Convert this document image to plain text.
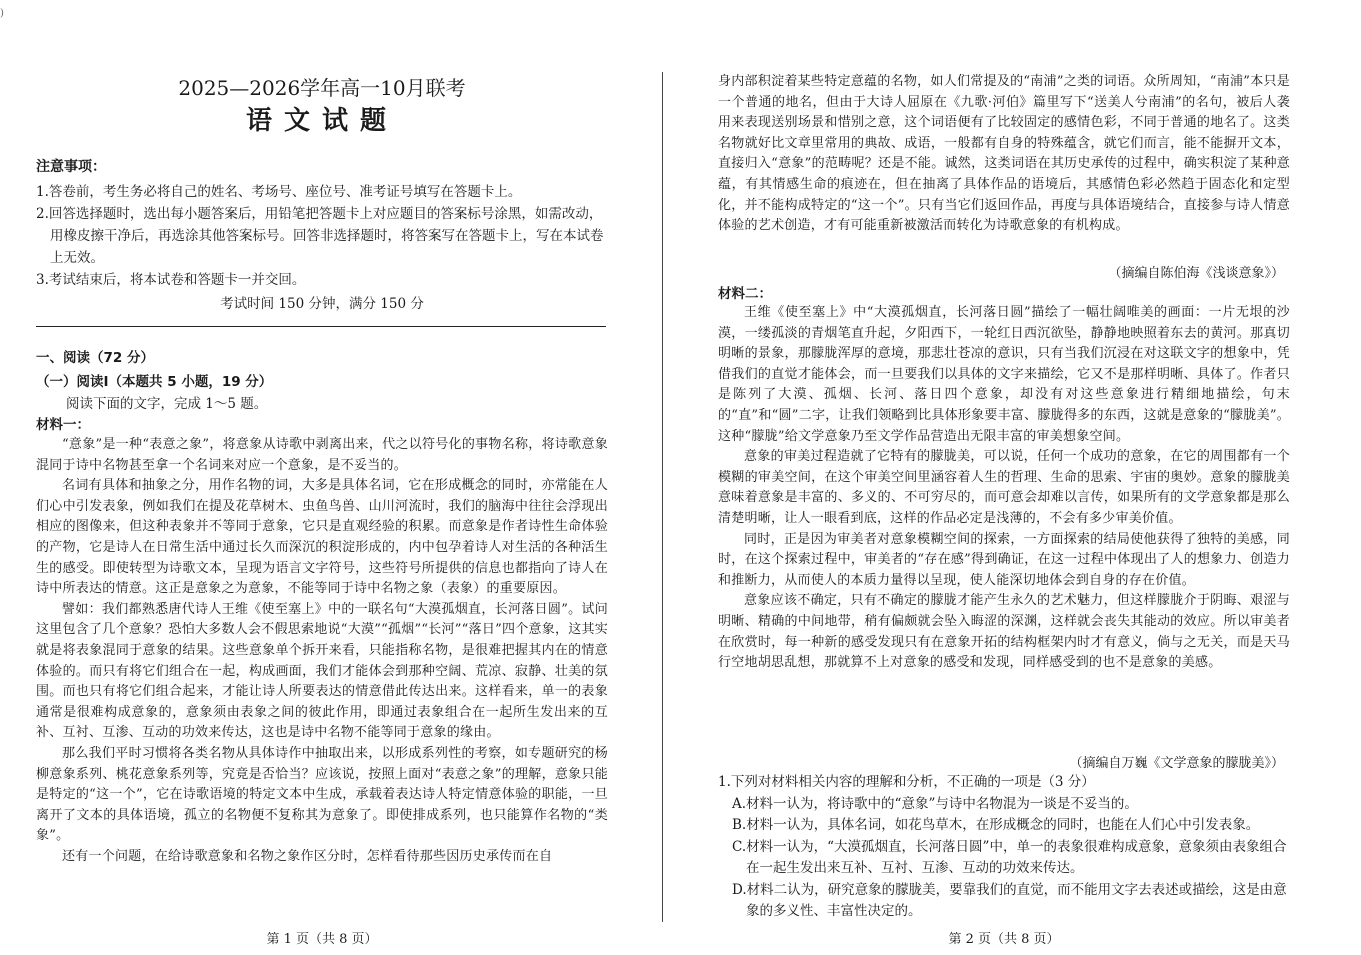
)
2025—2026学年高一10月联考
语文试题
注意事项：
1.答卷前，考生务必将自己的姓名、考场号、座位号、准考证号填写在答题卡上。
2.回答选择题时，选出每小题答案后，用铅笔把答题卡上对应题目的答案标号涂黑，如需改动，用橡皮擦干净后，再选涂其他答案标号。回答非选择题时，将答案写在答题卡上，写在本试卷上无效。
3.考试结束后，将本试卷和答题卡一并交回。
考试时间 150 分钟，满分 150 分
一、阅读（72 分）
（一）阅读Ⅰ（本题共 5 小题，19 分）
阅读下面的文字，完成 1～5 题。
材料一：

“意象”是一种“表意之象”，将意象从诗歌中剥离出来，代之以符号化的事物名称，将诗歌意象混同于诗中名物甚至拿一个名词来对应一个意象，是不妥当的。

名词有具体和抽象之分，用作名物的词，大多是具体名词，它在形成概念的同时，亦常能在人们心中引发表象，例如我们在提及花草树木、虫鱼鸟兽、山川河流时，我们的脑海中往往会浮现出相应的图像来，但这种表象并不等同于意象，它只是直观经验的积累。而意象是作者诗性生命体验的产物，它是诗人在日常生活中通过长久而深沉的积淀形成的，内中包孕着诗人对生活的各种活生生的感受。即使转型为诗歌文本，呈现为语言文字符号，这些符号所提供的信息也都指向了诗人在诗中所表达的情意。这正是意象之为意象，不能等同于诗中名物之象（表象）的重要原因。

譬如：我们都熟悉唐代诗人王维《使至塞上》中的一联名句“大漠孤烟直，长河落日圆”。试问这里包含了几个意象？恐怕大多数人会不假思索地说“大漠”“孤烟”“长河”“落日”四个意象，这其实就是将表象混同于意象的结果。这些意象单个拆开来看，只能指称名物，是很难把握其内在的情意体验的。而只有将它们组合在一起，构成画面，我们才能体会到那种空阔、荒凉、寂静、壮美的氛围。而也只有将它们组合起来，才能让诗人所要表达的情意借此传达出来。这样看来，单一的表象通常是很难构成意象的，意象须由表象之间的彼此作用，即通过表象组合在一起所生发出来的互补、互衬、互渗、互动的功效来传达，这也是诗中名物不能等同于意象的缘由。

那么我们平时习惯将各类名物从具体诗作中抽取出来，以形成系列性的考察，如专题研究的杨柳意象系列、桃花意象系列等，究竟是否恰当？应该说，按照上面对“表意之象”的理解，意象只能是特定的“这一个”，它在诗歌语境的特定文本中生成，承载着表达诗人特定情意体验的职能，一旦离开了文本的具体语境，孤立的名物便不复称其为意象了。即使排成系列，也只能算作名物的“类象”。

还有一个问题，在给诗歌意象和名物之象作区分时，怎样看待那些因历史承传而在自

第 1 页（共 8 页）

身内部积淀着某些特定意蕴的名物，如人们常提及的“南浦”之类的词语。众所周知，“南浦”本只是一个普通的地名，但由于大诗人屈原在《九歌·河伯》篇里写下“送美人兮南浦”的名句，被后人袭用来表现送别场景和惜别之意，这个词语便有了比较固定的感情色彩，不同于普通的地名了。这类名物就好比文章里常用的典故、成语，一般都有自身的特殊蕴含，就它们而言，能不能摒开文本，直接归入“意象”的范畴呢？还是不能。诚然，这类词语在其历史承传的过程中，确实积淀了某种意蕴，有其情感生命的痕迹在，但在抽离了具体作品的语境后，其感情色彩必然趋于固态化和定型化，并不能构成特定的“这一个”。只有当它们返回作品，再度与具体语境结合，直接参与诗人情意体验的艺术创造，才有可能重新被激活而转化为诗歌意象的有机构成。

（摘编自陈伯海《浅谈意象》）
材料二：

王维《使至塞上》中“大漠孤烟直，长河落日圆”描绘了一幅壮阔唯美的画面：一片无垠的沙漠，一缕孤淡的青烟笔直升起，夕阳西下，一轮红日西沉欲坠，静静地映照着东去的黄河。那真切明晰的景象，那朦胧浑厚的意境，那悲壮苍凉的意识，只有当我们沉浸在对这联文字的想象中，凭借我们的直觉才能体会，而一旦要我们以具体的文字来描绘，它又不是那样明晰、具体了。作者只是陈列了大漠、孤烟、长河、落日四个意象，却没有对这些意象进行精细地描绘，句末的“直”和“圆”二字，让我们领略到比具体形象要丰富、朦胧得多的东西，这就是意象的“朦胧美”。这种“朦胧”给文学意象乃至文学作品营造出无限丰富的审美想象空间。

意象的审美过程造就了它特有的朦胧美，可以说，任何一个成功的意象，在它的周围都有一个模糊的审美空间，在这个审美空间里涵容着人生的哲理、生命的思索、宇宙的奥妙。意象的朦胧美意味着意象是丰富的、多义的、不可穷尽的，而可意会却难以言传，如果所有的文学意象都是那么清楚明晰，让人一眼看到底，这样的作品必定是浅薄的，不会有多少审美价值。

同时，正是因为审美者对意象模糊空间的探索，一方面探索的结局使他获得了独特的美感，同时，在这个探索过程中，审美者的“存在感”得到确证，在这一过程中体现出了人的想象力、创造力和推断力，从而使人的本质力量得以呈现，使人能深切地体会到自身的存在价值。

意象应该不确定，只有不确定的朦胧才能产生永久的艺术魅力，但这样朦胧介于阴晦、艰涩与明晰、精确的中间地带，稍有偏颇就会坠入晦涩的深渊，这样就会丧失其能动的效应。所以审美者在欣赏时，每一种新的感受发现只有在意象开拓的结构框架内时才有意义，倘与之无关，而是天马行空地胡思乱想，那就算不上对意象的感受和发现，同样感受到的也不是意象的美感。

（摘编自万巍《文学意象的朦胧美》）

1.下列对材料相关内容的理解和分析，不正确的一项是（3 分）

A.材料一认为，将诗歌中的“意象”与诗中名物混为一谈是不妥当的。

B.材料一认为，具体名词，如花鸟草木，在形成概念的同时，也能在人们心中引发表象。

C.材料一认为，“大漠孤烟直，长河落日圆”中，单一的表象很难构成意象，意象须由表象组合在一起生发出来互补、互衬、互渗、互动的功效来传达。

D.材料二认为，研究意象的朦胧美，要靠我们的直觉，而不能用文字去表述或描绘，这是由意象的多义性、丰富性决定的。

第 2 页（共 8 页）
